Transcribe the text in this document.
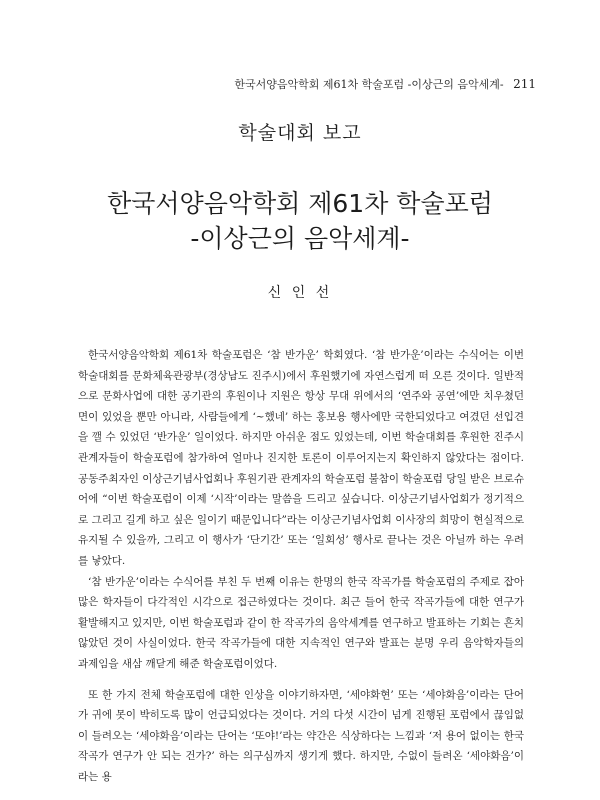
한국서양음악학회 제61차 학술포럼 -이상근의 음악세계- 211
학술대회 보고
한국서양음악학회 제61차 학술포럼
-이상근의 음악세계-
신 인 선

한국서양음악학회 제61차 학술포럼은 ‘참 반가운’ 학회였다. ‘참 반가운’이라는 수식어는 이번 학술대회를 문화체육관광부(경상남도 진주시)에서 후원했기에 자연스럽게 떠 오른 것이다. 일반적으로 문화사업에 대한 공기관의 후원이나 지원은 항상 무대 위에서의 ‘연주와 공연’에만 치우쳤던 면이 있었을 뿐만 아니라, 사람들에게 ‘~했네’ 하는 홍보용 행사에만 국한되었다고 여겼던 선입견을 깰 수 있었던 ‘반가운’ 일이었다. 하지만 아쉬운 점도 있었는데, 이번 학술대회를 후원한 진주시 관계자들이 학술포럼에 참가하여 얼마나 진지한 토론이 이루어지는지 확인하지 않았다는 점이다. 공동주최자인 이상근기념사업회나 후원기관 관계자의 학술포럼 불참이 학술포럼 당일 받은 브로슈어에 “이번 학술포럼이 이제 ‘시작’이라는 말씀을 드리고 싶습니다. 이상근기념사업회가 정기적으로 그리고 길게 하고 싶은 일이기 때문입니다”라는 이상근기념사업회 이사장의 희망이 현실적으로 유지될 수 있을까, 그리고 이 행사가 ‘단기간’ 또는 ‘일회성’ 행사로 끝나는 것은 아닐까 하는 우려를 낳았다.

‘참 반가운’이라는 수식어를 부친 두 번째 이유는 한명의 한국 작곡가를 학술포럼의 주제로 잡아 많은 학자들이 다각적인 시각으로 접근하였다는 것이다. 최근 들어 한국 작곡가들에 대한 연구가 활발해지고 있지만, 이번 학술포럼과 같이 한 작곡가의 음악세계를 연구하고 발표하는 기회는 흔치 않았던 것이 사실이었다. 한국 작곡가들에 대한 지속적인 연구와 발표는 분명 우리 음악학자들의 과제임을 새삼 깨닫게 해준 학술포럼이었다.

또 한 가지 전체 학술포럼에 대한 인상을 이야기하자면, ‘세야화현’ 또는 ‘세야화음’이라는 단어가 귀에 못이 박히도록 많이 언급되었다는 것이다. 거의 다섯 시간이 넘게 진행된 포럼에서 끊임없이 들려오는 ‘세야화음’이라는 단어는 ‘또야!’라는 약간은 식상하다는 느낌과 ‘저 용어 없이는 한국 작곡가 연구가 안 되는 건가?’ 하는 의구심까지 생기게 했다. 하지만, 수없이 들려온 ‘세야화음’이라는 용
